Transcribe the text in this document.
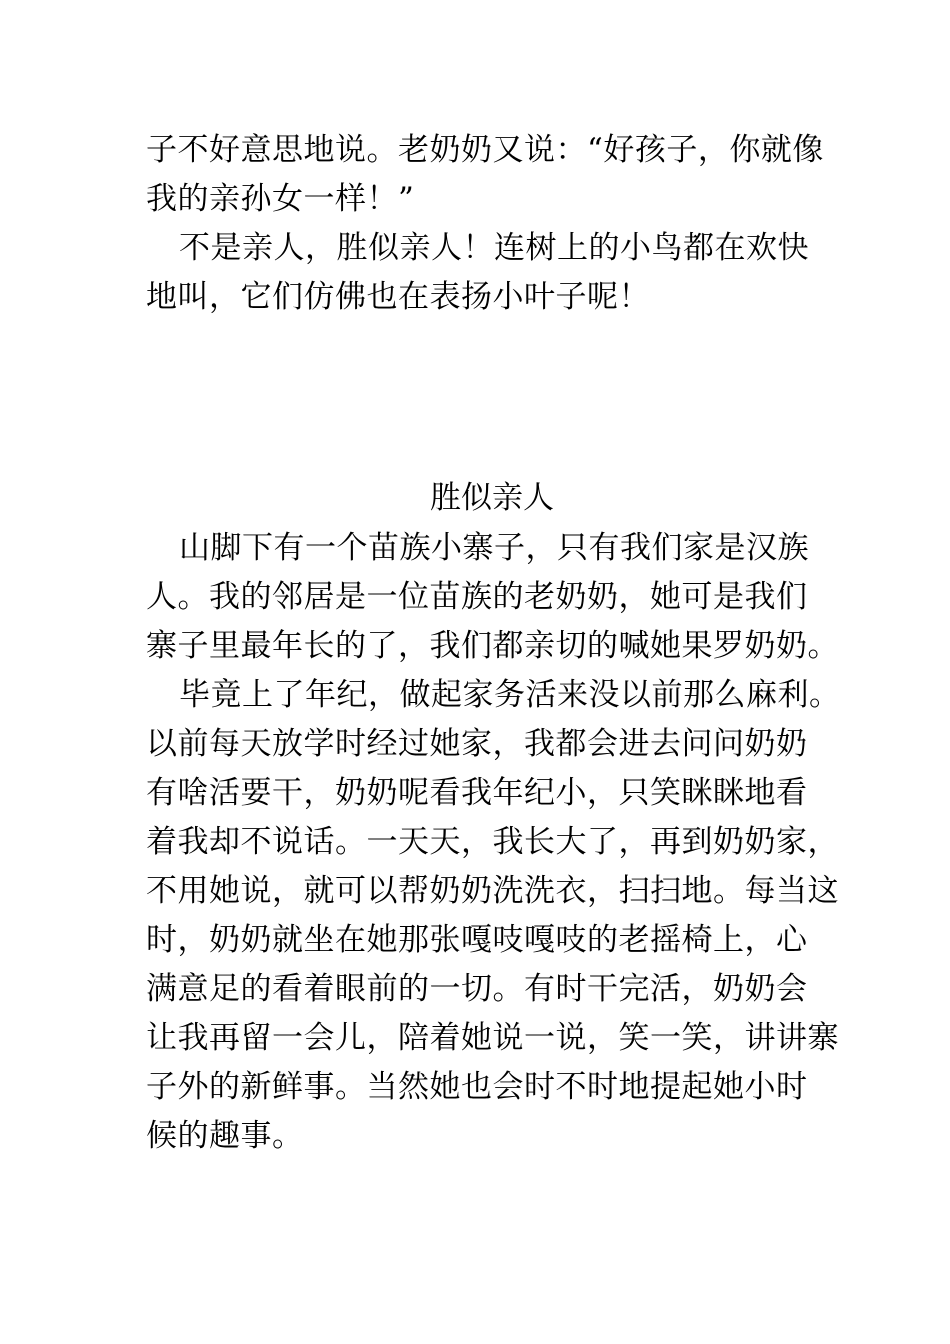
子不好意思地说。老奶奶又说：“好孩子，你就像
我的亲孙女一样！”
不是亲人，胜似亲人！连树上的小鸟都在欢快
地叫，它们仿佛也在表扬小叶子呢！
胜似亲人
山脚下有一个苗族小寨子，只有我们家是汉族
人。我的邻居是一位苗族的老奶奶，她可是我们
寨子里最年长的了，我们都亲切的喊她果罗奶奶。
毕竟上了年纪，做起家务活来没以前那么麻利。
以前每天放学时经过她家，我都会进去问问奶奶
有啥活要干，奶奶呢看我年纪小，只笑眯眯地看
着我却不说话。一天天，我长大了，再到奶奶家，
不用她说，就可以帮奶奶洗洗衣，扫扫地。每当这
时，奶奶就坐在她那张嘎吱嘎吱的老摇椅上，心
满意足的看着眼前的一切。有时干完活，奶奶会
让我再留一会儿，陪着她说一说，笑一笑，讲讲寨
子外的新鲜事。当然她也会时不时地提起她小时
候的趣事。
